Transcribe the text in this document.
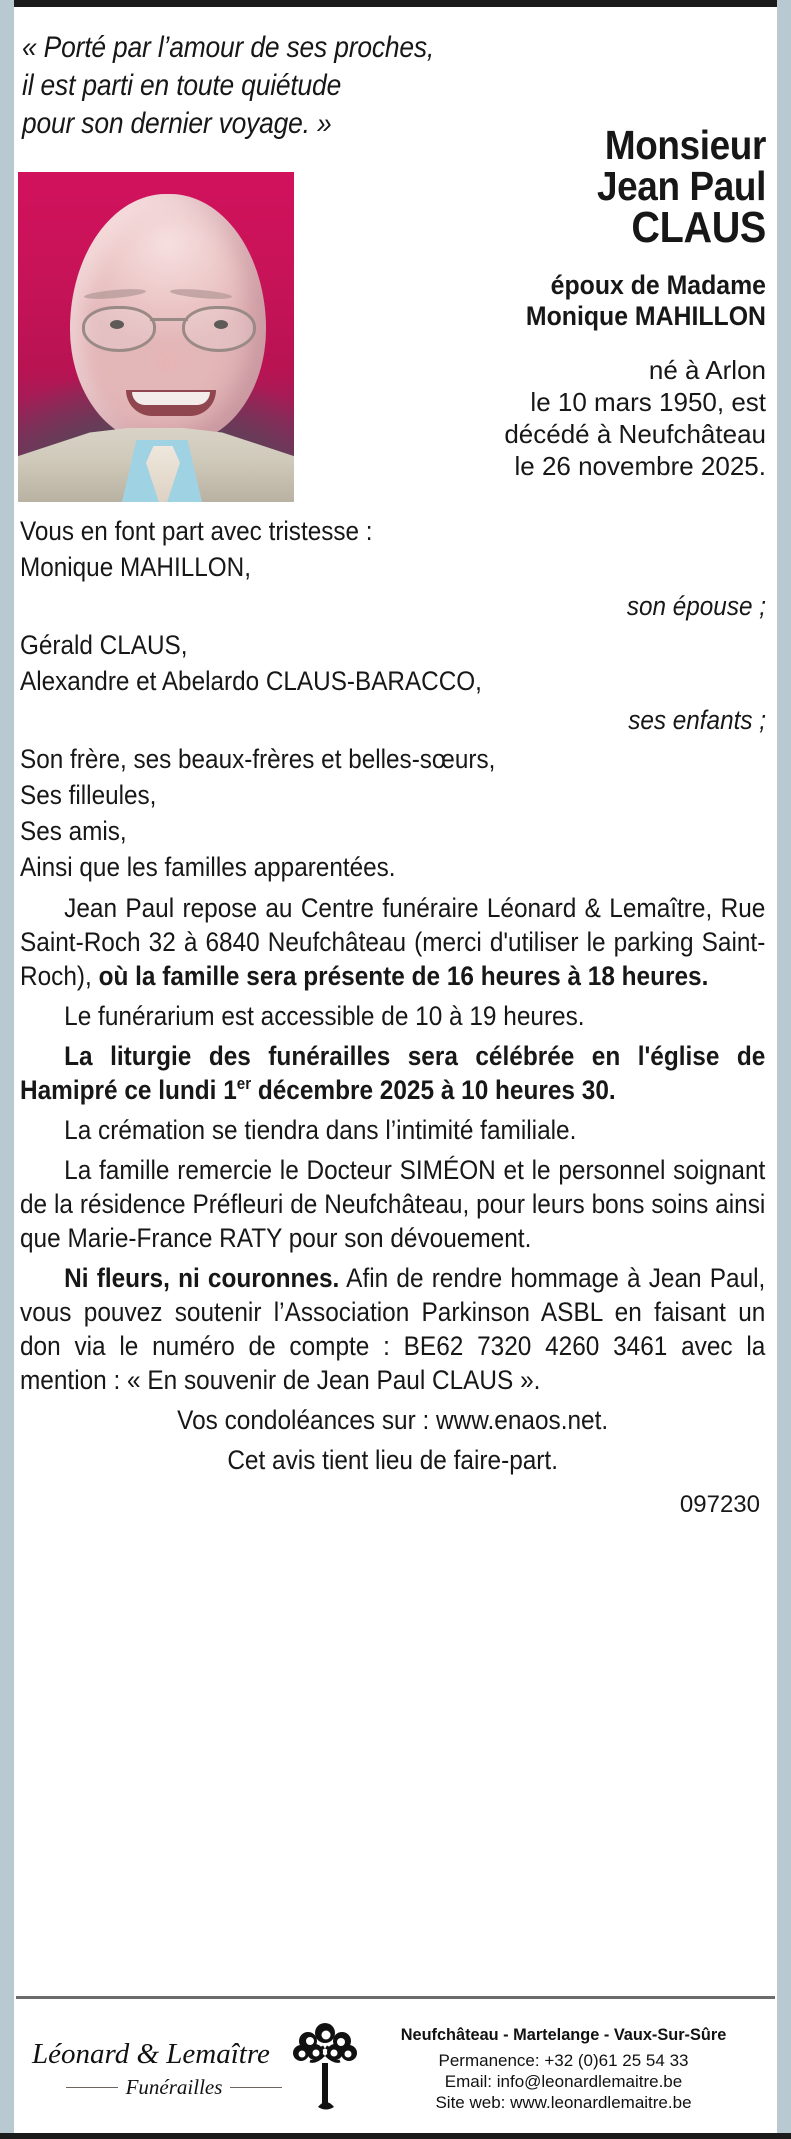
« Porté par l’amour de ses proches,
il est parti en toute quiétude
pour son dernier voyage. »	Monsieur
Jean Paul
CLAUS
époux de Madame
Monique MAHILLON
né à Arlon
le 10 mars 1950, est
décédé à Neufchâteau
le 26 novembre 2025.
Vous en font part avec tristesse :
Monique MAHILLON,
son épouse ;
Gérald CLAUS,
Alexandre et Abelardo CLAUS-BARACCO,
ses enfants ;
Son frère, ses beaux-frères et belles-sœurs,
Ses filleules,
Ses amis,
Ainsi que les familles apparentées.
Jean Paul repose au Centre funéraire Léonard & Lemaître, Rue Saint-Roch 32 à 6840 Neufchâteau (merci d'utiliser le parking Saint-Roch), où la famille sera présente de 16 heures à 18 heures.
Le funérarium est accessible de 10 à 19 heures.
La liturgie des funérailles sera célébrée en l'église de Hamipré ce lundi 1er décembre 2025 à 10 heures 30.
La crémation se tiendra dans l’intimité familiale.
La famille remercie le Docteur SIMÉON et le personnel soignant de la résidence Préfleuri de Neufchâteau, pour leurs bons soins ainsi que Marie-France RATY pour son dévouement.
Ni fleurs, ni couronnes. Afin de rendre hommage à Jean Paul, vous pouvez soutenir l’Association Parkinson ASBL en faisant un don via le numéro de compte : BE62 7320 4260 3461 avec la mention : « En souvenir de Jean Paul CLAUS ».
Vos condoléances sur : www.enaos.net.
Cet avis tient lieu de faire-part.
097230
Léonard & Lemaître
Funérailles
Neufchâteau - Martelange - Vaux-Sur-Sûre
Permanence: +32 (0)61 25 54 33
Email: info@leonardlemaitre.be
Site web: www.leonardlemaitre.be
